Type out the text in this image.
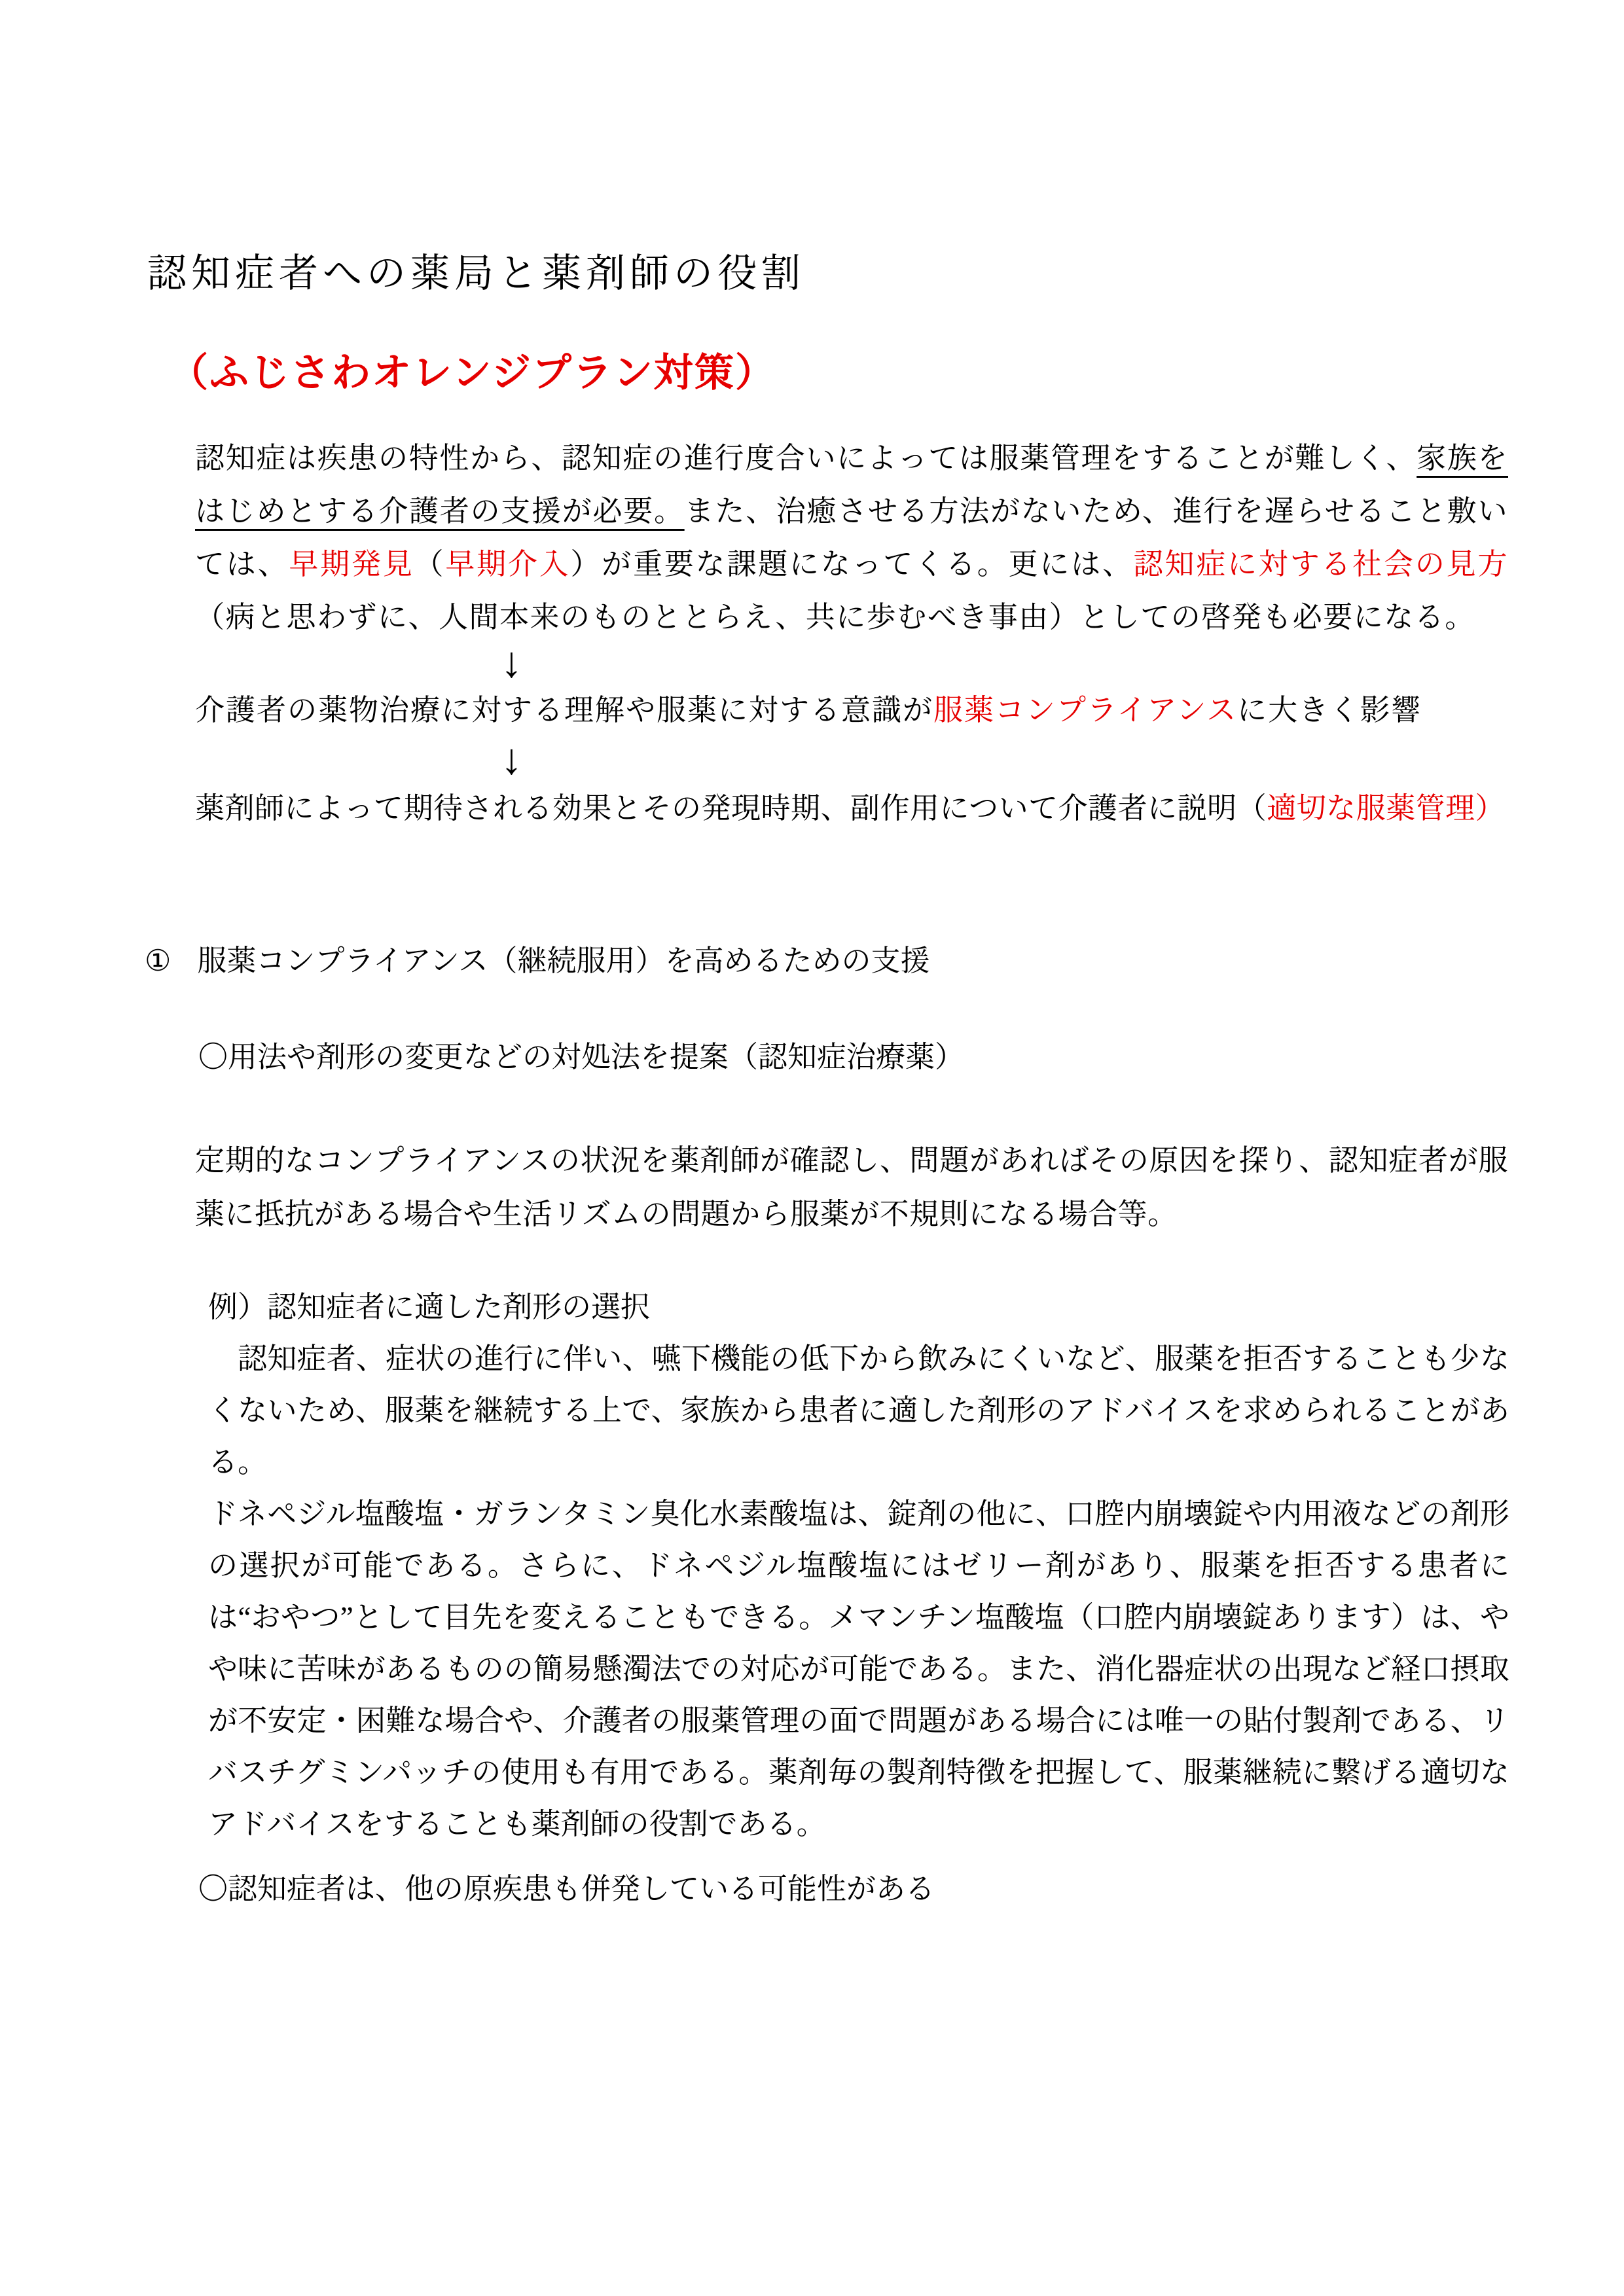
認知症者への薬局と薬剤師の役割
（ふじさわオレンジプラン対策）

認知症は疾患の特性から、認知症の進行度合いによっては服薬管理をすることが難しく、家族をはじめとする介護者の支援が必要。また、治癒させる方法がないため、進行を遅らせること敷いては、早期発見（早期介入）が重要な課題になってくる。更には、認知症に対する社会の見方（病と思わずに、人間本来のものととらえ、共に歩むべき事由）としての啓発も必要になる。

↓

介護者の薬物治療に対する理解や服薬に対する意識が服薬コンプライアンスに大きく影響

↓

薬剤師によって期待される効果とその発現時期、副作用について介護者に説明（適切な服薬管理）

① 服薬コンプライアンス（継続服用）を高めるための支援

〇用法や剤形の変更などの対処法を提案（認知症治療薬）

定期的なコンプライアンスの状況を薬剤師が確認し、問題があればその原因を探り、認知症者が服薬に抵抗がある場合や生活リズムの問題から服薬が不規則になる場合等。

例）認知症者に適した剤形の選択

　認知症者、症状の進行に伴い、嚥下機能の低下から飲みにくいなど、服薬を拒否することも少なくないため、服薬を継続する上で、家族から患者に適した剤形のアドバイスを求められることがある。

ドネペジル塩酸塩・ガランタミン臭化水素酸塩は、錠剤の他に、口腔内崩壊錠や内用液などの剤形の選択が可能である。さらに、ドネペジル塩酸塩にはゼリー剤があり、服薬を拒否する患者には“おやつ”として目先を変えることもできる。メマンチン塩酸塩（口腔内崩壊錠あります）は、やや味に苦味があるものの簡易懸濁法での対応が可能である。また、消化器症状の出現など経口摂取が不安定・困難な場合や、介護者の服薬管理の面で問題がある場合には唯一の貼付製剤である、リバスチグミンパッチの使用も有用である。薬剤毎の製剤特徴を把握して、服薬継続に繋げる適切なアドバイスをすることも薬剤師の役割である。

〇認知症者は、他の原疾患も併発している可能性がある
